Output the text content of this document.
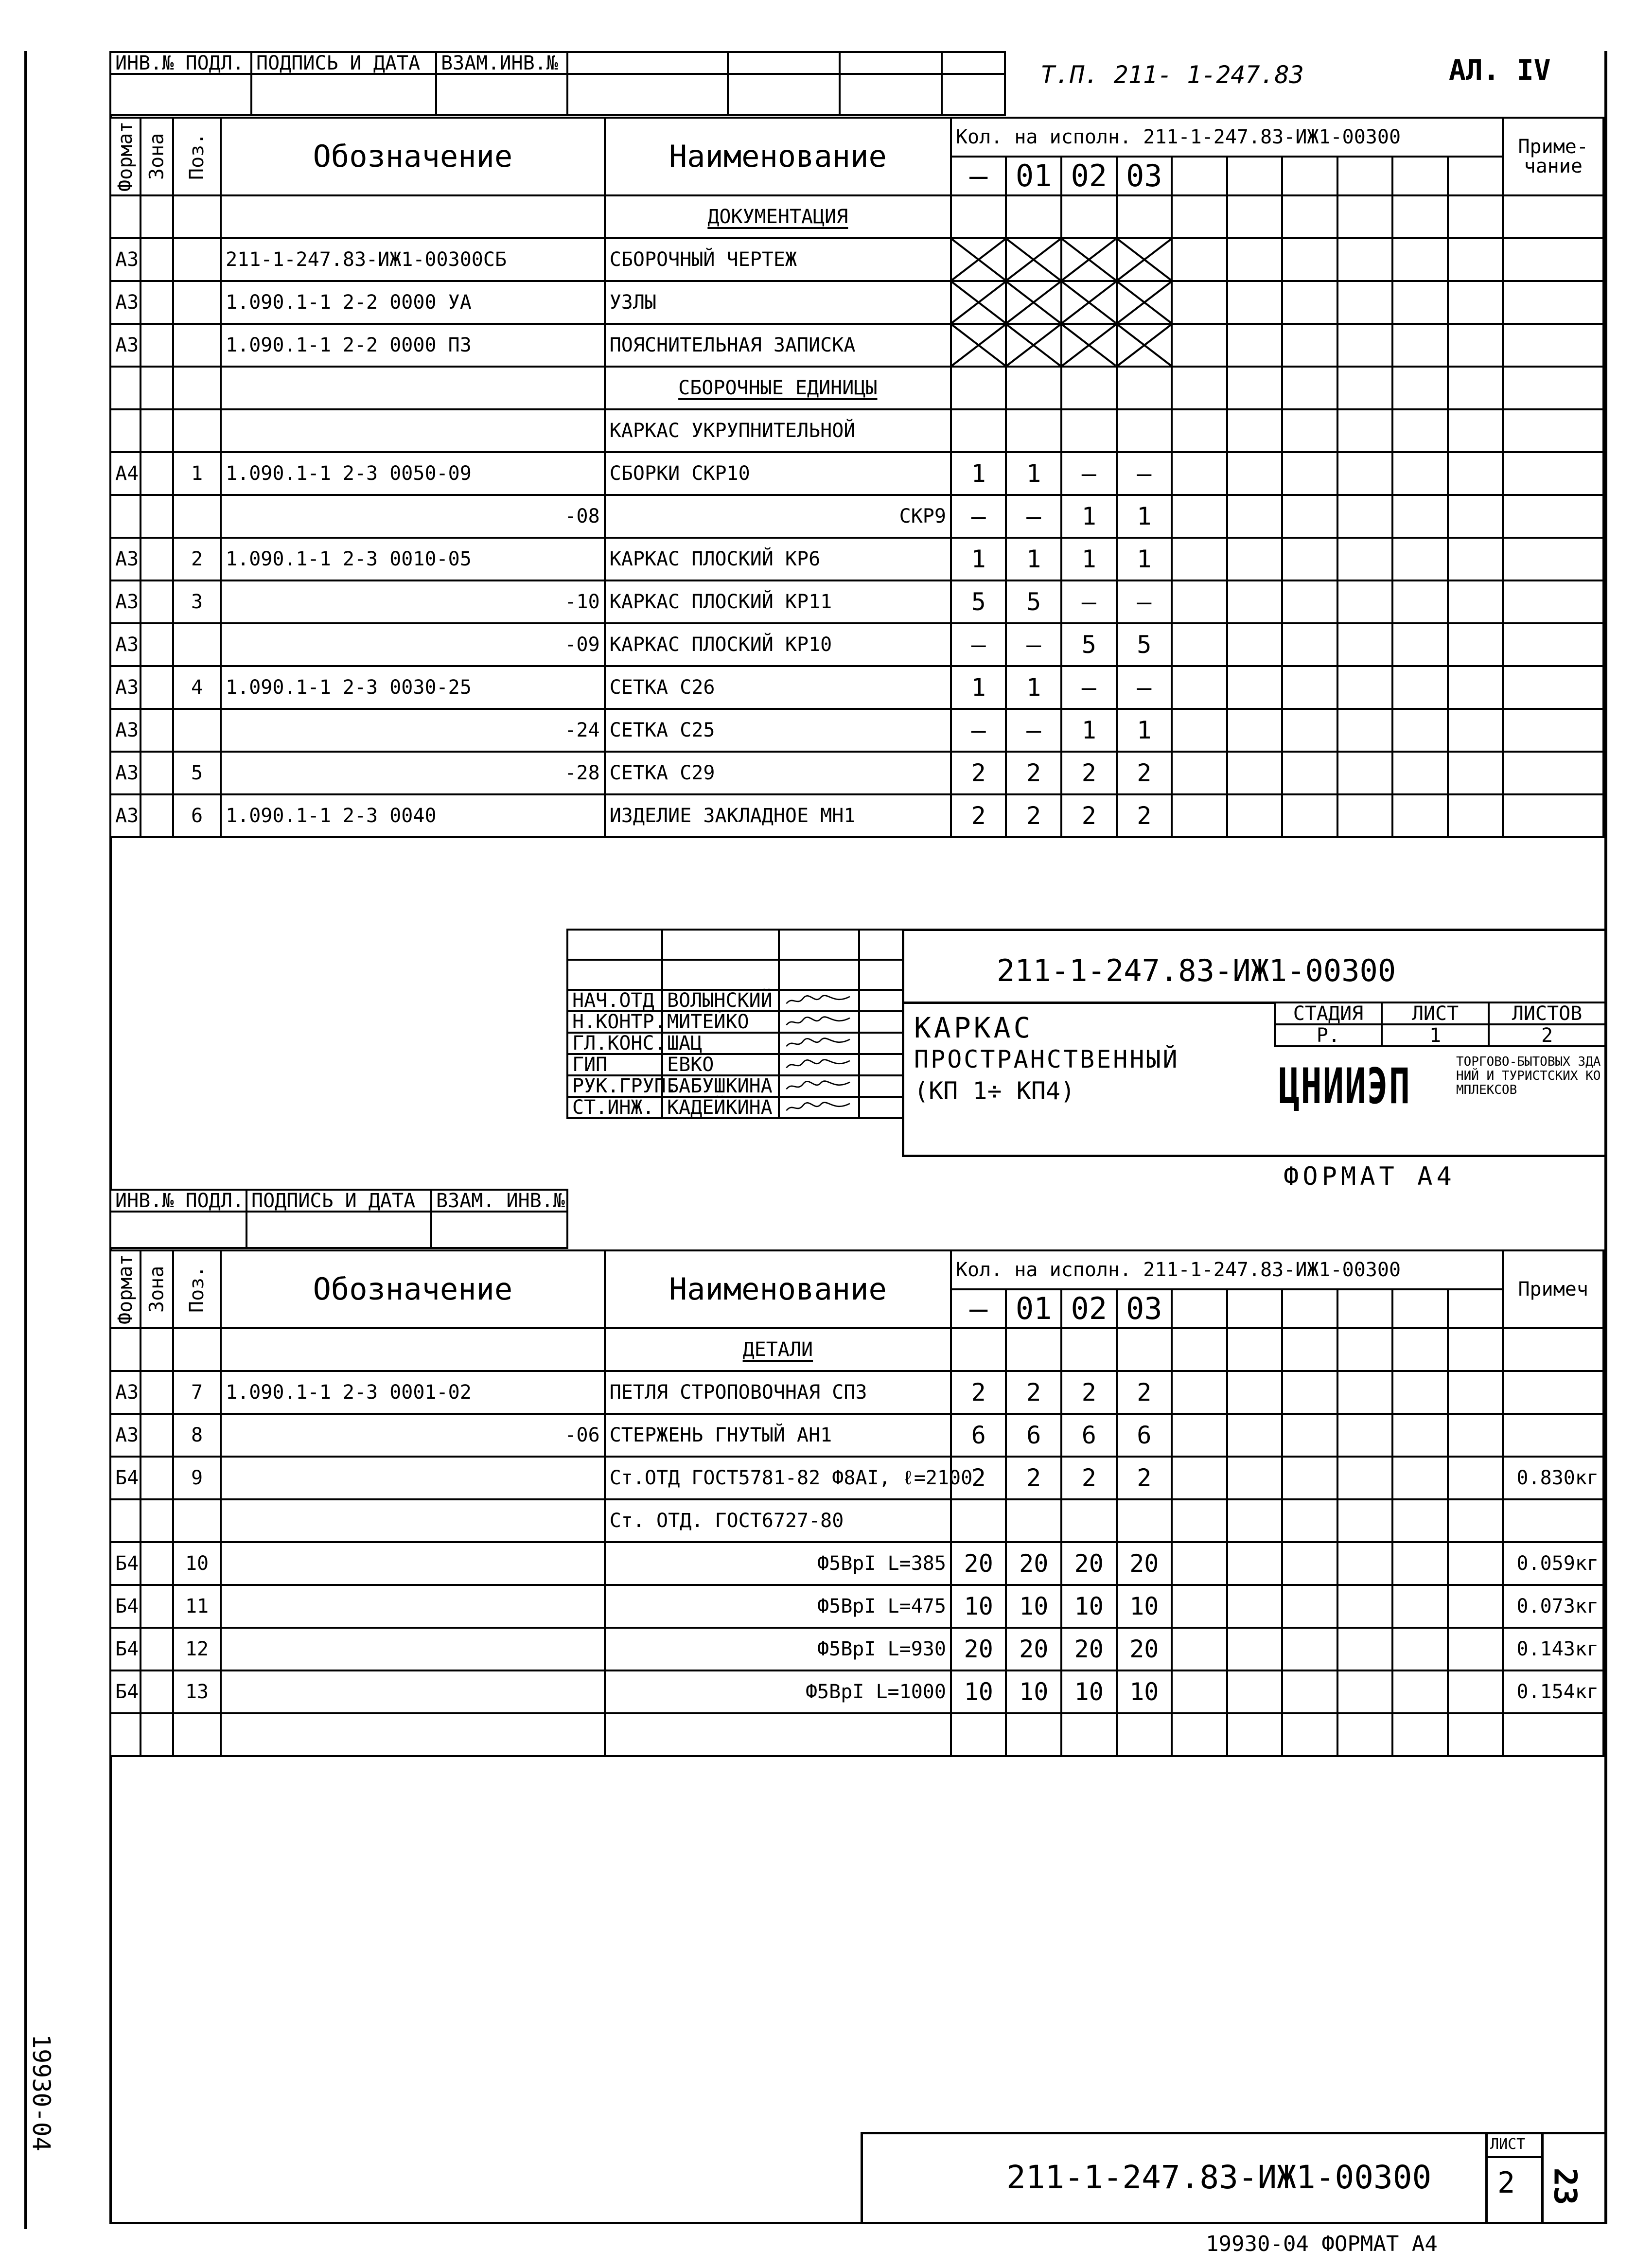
ИНВ.№ ПОДЛ.	ПОДПИСЬ И ДАТА	ВЗАМ.ИНВ.№				
							Т.П. 211- 1-247.83	АЛ. IV
Формат	Зона	Поз.	Обозначение	Наименование	Кол. на исполн. 211-1-247.83-ИЖ1-00300										Приме-чание
					—	01	02	03							
				ДОКУМЕНТАЦИЯ											
А3			211-1-247.83-ИЖ1-00300СБ	СБОРОЧНЫЙ ЧЕРТЕЖ	

А3			1.090.1-1 2-2 0000 УА	УЗЛЫ	

А3			1.090.1-1 2-2 0000 ПЗ	ПОЯСНИТЕЛЬНАЯ ЗАПИСКА	

				СБОРОЧНЫЕ ЕДИНИЦЫ											
				КАРКАС УКРУПНИТЕЛЬНОЙ											
А4		1	1.090.1-1 2-3 0050-09	СБОРКИ СКР10	1	1	—	—							
			-08	СКР9	—	—	1	1							
А3		2	1.090.1-1 2-3 0010-05	КАРКАС ПЛОСКИЙ КР6	1	1	1	1							
А3		3	-10	КАРКАС ПЛОСКИЙ КР11	5	5	—	—							
А3			-09	КАРКАС ПЛОСКИЙ КР10	—	—	5	5							
А3		4	1.090.1-1 2-3 0030-25	СЕТКА С26	1	1	—	—							
А3			-24	СЕТКА С25	—	—	1	1							
А3		5	-28	СЕТКА С29	2	2	2	2							
А3		6	1.090.1-1 2-3 0040	ИЗДЕЛИЕ ЗАКЛАДНОЕ МН1	2	2	2	2							

НАЧ.ОТД	ВОЛЫНСКИЙ	

Н.КОНТР.	МИТЕЙКО	

ГЛ.КОНС.	ШАЦ	

ГИП	ЕВКО	

РУК.ГРУП.	БАБУШКИНА	

СТ.ИНЖ.	КАДЕЙКИНА	

211-1-247.83-ИЖ1-00300
КАРКАС
ПРОСТРАНСТВЕННЫЙ
(КП 1÷ КП4)
СТАДИЯ	ЛИСТ	ЛИСТОВ
Р.	1	2
ЦНИИЭП	ТОРГОВО-БЫТОВЫХ ЗДАНИЙ И ТУРИСТСКИХ КОМПЛЕКСОВ
ФОРМАТ А4
ИНВ.№ ПОДЛ.	ПОДПИСЬ И ДАТА	ВЗАМ. ИНВ.№

Формат	Зона	Поз.	Обозначение	Наименование	Кол. на исполн. 211-1-247.83-ИЖ1-00300										Примеч
					—	01	02	03							
				ДЕТАЛИ											
А3		7	1.090.1-1 2-3 0001-02	ПЕТЛЯ СТРОПОВОЧНАЯ СП3	2	2	2	2							
А3		8	-06	СТЕРЖЕНЬ ГНУТЫЙ АН1	6	6	6	6							
Б4		9		Ст.ОТД ГОСТ5781-82 Ф8АI, ℓ=2100	2	2	2	2							0.830кг
				Ст. ОТД. ГОСТ6727-80											
Б4		10		Ф5ВрI L=385	20	20	20	20							0.059кг
Б4		11		Ф5ВрI L=475	10	10	10	10							0.073кг
Б4		12		Ф5ВрI L=930	20	20	20	20							0.143кг
Б4		13		Ф5ВрI L=1000	10	10	10	10							0.154кг

211-1-247.83-ИЖ1-00300
ЛИСТ
2 23
19930-04
19930-04 ФОРМАТ А4
